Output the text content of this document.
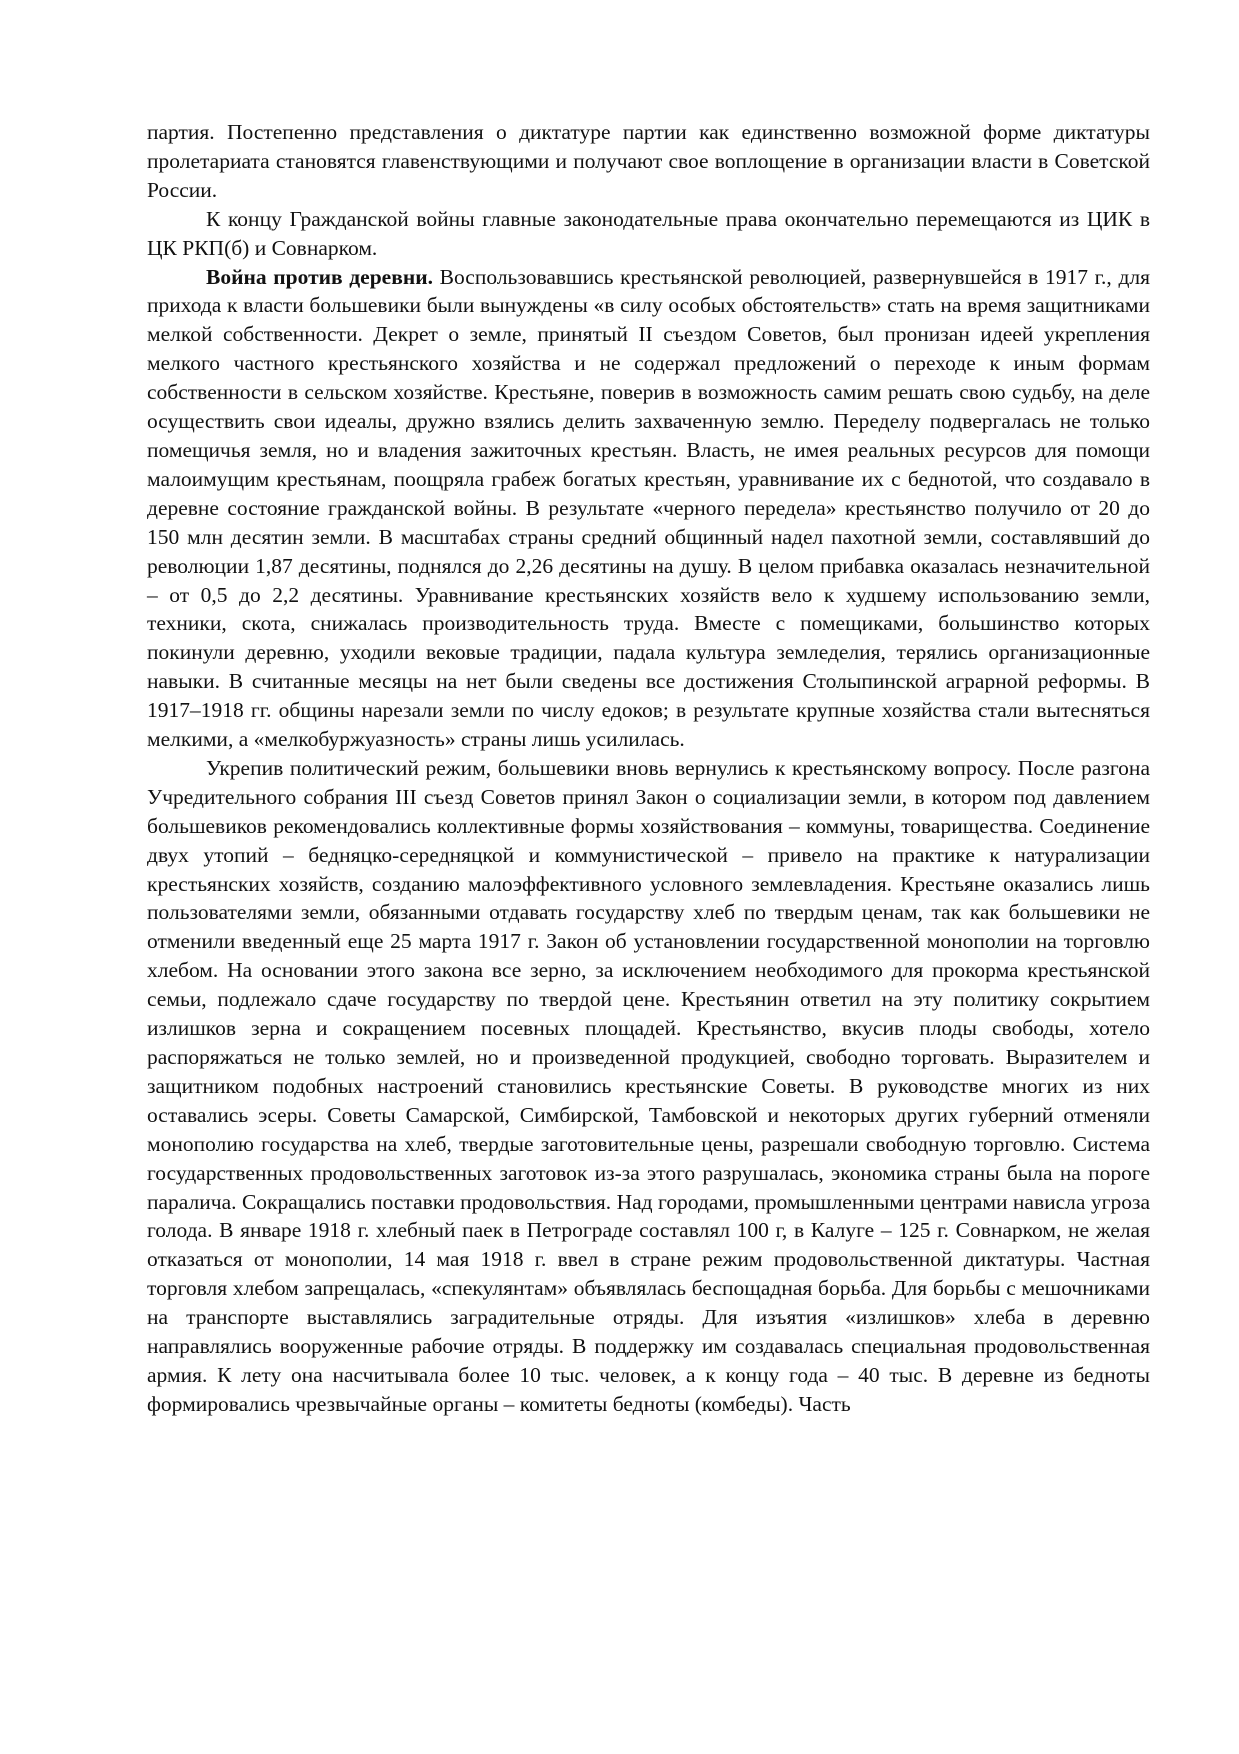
партия. Постепенно представления о диктатуре партии как единственно возможной форме диктатуры пролетариата становятся главенствующими и получают свое воплощение в организации власти в Советской России.

К концу Гражданской войны главные законодательные права окончательно перемещаются из ЦИК в ЦК РКП(б) и Совнарком.

Война против деревни. Воспользовавшись крестьянской революцией, развернувшейся в 1917 г., для прихода к власти большевики были вынуждены «в силу особых обстоятельств» стать на время защитниками мелкой собственности. Декрет о земле, принятый II съездом Советов, был пронизан идеей укрепления мелкого частного крестьянского хозяйства и не содержал предложений о переходе к иным формам собственности в сельском хозяйстве. Крестьяне, поверив в возможность самим решать свою судьбу, на деле осуществить свои идеалы, дружно взялись делить захваченную землю. Переделу подвергалась не только помещичья земля, но и владения зажиточных крестьян. Власть, не имея реальных ресурсов для помощи малоимущим крестьянам, поощряла грабеж богатых крестьян, уравнивание их с беднотой, что создавало в деревне состояние гражданской войны. В результате «черного передела» крестьянство получило от 20 до 150 млн десятин земли. В масштабах страны средний общинный надел пахотной земли, составлявший до революции 1,87 десятины, поднялся до 2,26 десятины на душу. В целом прибавка оказалась незначительной – от 0,5 до 2,2 десятины. Уравнивание крестьянских хозяйств вело к худшему использованию земли, техники, скота, снижалась производительность труда. Вместе с помещиками, большинство которых покинули деревню, уходили вековые традиции, падала культура земледелия, терялись организационные навыки. В считанные месяцы на нет были сведены все достижения Столыпинской аграрной реформы. В 1917–1918 гг. общины нарезали земли по числу едоков; в результате крупные хозяйства стали вытесняться мелкими, а «мелкобуржуазность» страны лишь усилилась.

Укрепив политический режим, большевики вновь вернулись к крестьянскому вопросу. После разгона Учредительного собрания III съезд Советов принял Закон о социализации земли, в котором под давлением большевиков рекомендовались коллективные формы хозяйствования – коммуны, товарищества. Соединение двух утопий – бедняцко-середняцкой и коммунистической – привело на практике к натурализации крестьянских хозяйств, созданию малоэффективного условного землевладения. Крестьяне оказались лишь пользователями земли, обязанными отдавать государству хлеб по твердым ценам, так как большевики не отменили введенный еще 25 марта 1917 г. Закон об установлении государственной монополии на торговлю хлебом. На основании этого закона все зерно, за исключением необходимого для прокорма крестьянской семьи, подлежало сдаче государству по твердой цене. Крестьянин ответил на эту политику сокрытием излишков зерна и сокращением посевных площадей. Крестьянство, вкусив плоды свободы, хотело распоряжаться не только землей, но и произведенной продукцией, свободно торговать. Выразителем и защитником подобных настроений становились крестьянские Советы. В руководстве многих из них оставались эсеры. Советы Самарской, Симбирской, Тамбовской и некоторых других губерний отменяли монополию государства на хлеб, твердые заготовительные цены, разрешали свободную торговлю. Система государственных продовольственных заготовок из-за этого разрушалась, экономика страны была на пороге паралича. Сокращались поставки продовольствия. Над городами, промышленными центрами нависла угроза голода. В январе 1918 г. хлебный паек в Петрограде составлял 100 г, в Калуге – 125 г. Совнарком, не желая отказаться от монополии, 14 мая 1918 г. ввел в стране режим продовольственной диктатуры. Частная торговля хлебом запрещалась, «спекулянтам» объявлялась беспощадная борьба. Для борьбы с мешочниками на транспорте выставлялись заградительные отряды. Для изъятия «излишков» хлеба в деревню направлялись вооруженные рабочие отряды. В поддержку им создавалась специальная продовольственная армия. К лету она насчитывала более 10 тыс. человек, а к концу года – 40 тыс. В деревне из бедноты формировались чрезвычайные органы – комитеты бедноты (комбеды). Часть
